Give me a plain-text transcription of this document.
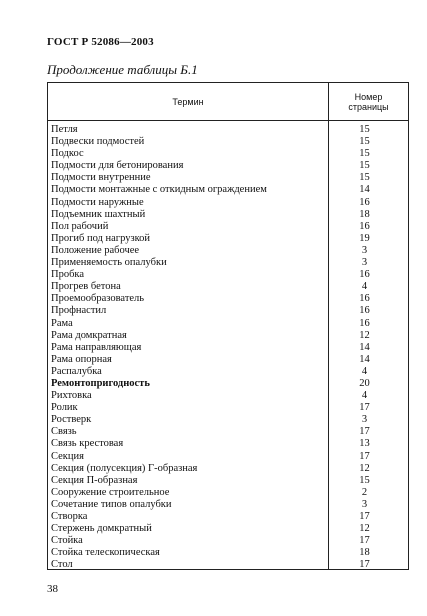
ГОСТ Р 52086—2003
Продолжение таблицы Б.1
Термин	Номер
страницы
Петля	15
Подвески подмостей	15
Подкос	15
Подмости для бетонирования	15
Подмости внутренние	15
Подмости монтажные с откидным ограждением	14
Подмости наружные	16
Подъемник шахтный	18
Пол рабочий	16
Прогиб под нагрузкой	19
Положение рабочее	3
Применяемость опалубки	3
Пробка	16
Прогрев бетона	4
Проемообразователь	16
Профнастил	16
Рама	16
Рама домкратная	12
Рама направляющая	14
Рама опорная	14
Распалубка	4
Ремонтопригодность	20
Рихтовка	4
Ролик	17
Ростверк	3
Связь	17
Связь крестовая	13
Секция	17
Секция (полусекция) Г-образная	12
Секция П-образная	15
Сооружение строительное	2
Сочетание типов опалубки	3
Створка	17
Стержень домкратный	12
Стойка	17
Стойка телескопическая	18
Стол	17
38
